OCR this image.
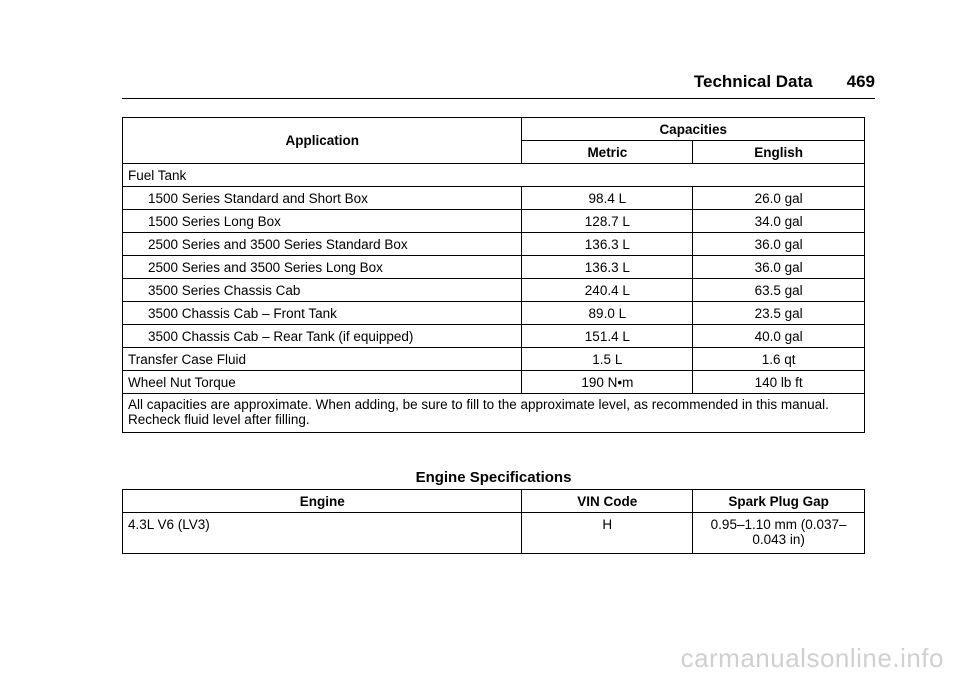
Technical Data 469
Application	Capacities	
	Metric	English
Fuel Tank		
1500 Series Standard and Short Box	98.4 L	26.0 gal
1500 Series Long Box	128.7 L	34.0 gal
2500 Series and 3500 Series Standard Box	136.3 L	36.0 gal
2500 Series and 3500 Series Long Box	136.3 L	36.0 gal
3500 Series Chassis Cab	240.4 L	63.5 gal
3500 Chassis Cab – Front Tank	89.0 L	23.5 gal
3500 Chassis Cab – Rear Tank (if equipped)	151.4 L	40.0 gal
Transfer Case Fluid	1.5 L	1.6 qt
Wheel Nut Torque	190 N•m	140 lb ft
All capacities are approximate. When adding, be sure to fill to the approximate level, as recommended in this manual. Recheck fluid level after filling.		
Engine Specifications
Engine	VIN Code	Spark Plug Gap
4.3L V6 (LV3)	H	0.95–1.10 mm (0.037–
0.043 in)
carmanualsonline.info
